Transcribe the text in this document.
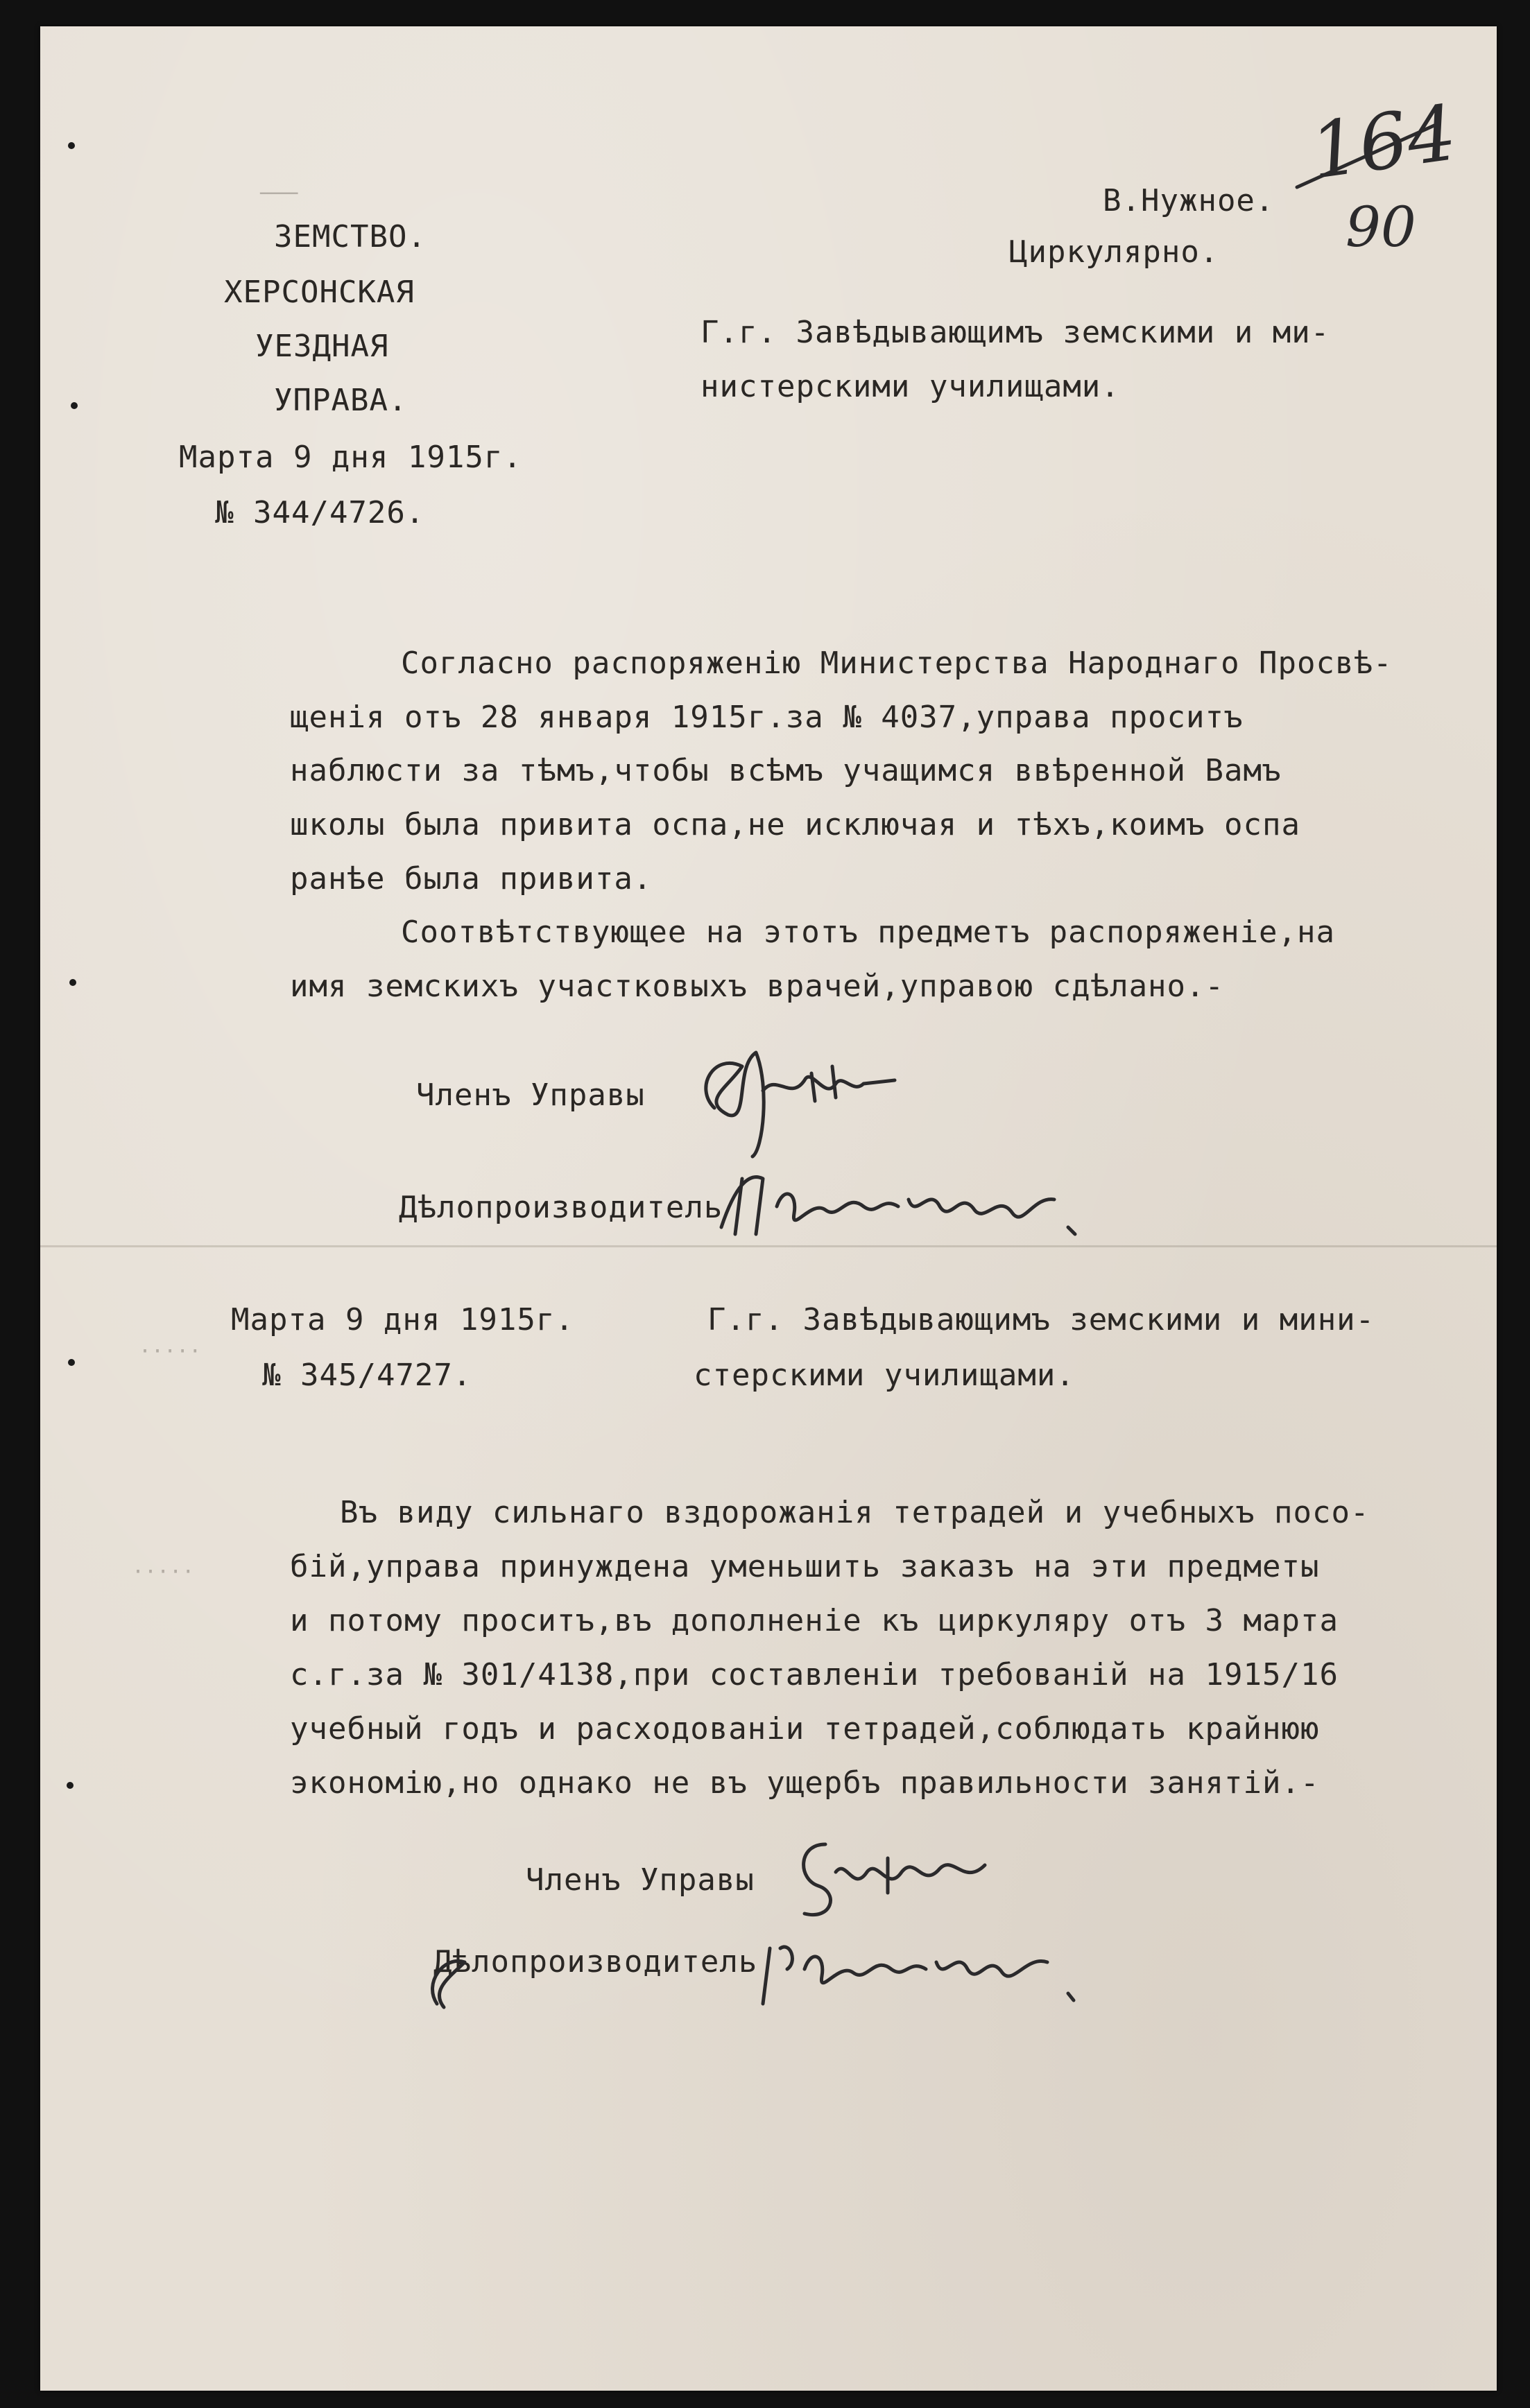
164
90
ЗЕМСТВО.
ХЕРСОНСКАЯ
УЕЗДНАЯ
УПРАВА.
───	В.Нужное.
Циркулярно.
Марта 9 дня 1915г.
№ 344/4726.
Г.г. Завѣдывающимъ земскими и ми-
нистерскими училищами.
Согласно распоряженію Министерства Народнаго Просвѣ-
щенія отъ 28 января 1915г.за № 4037,управа проситъ
наблюсти за тѣмъ,чтобы всѣмъ учащимся ввѣренной Вамъ
школы была привита оспа,не исключая и тѣхъ,коимъ оспа
ранѣе была привита.
Соотвѣтствующее на этотъ предметъ распоряженіе,на
имя земскихъ участковыхъ врачей,управою сдѣлано.-
Членъ Управы
Дѣлопроизводитель
Марта 9 дня 1915г.
№ 345/4727.
Г.г. Завѣдывающимъ земскими и мини-
стерскими училищами.
·····
·····
Въ виду сильнаго вздорожанія тетрадей и учебныхъ посо-
бій,управа принуждена уменьшить заказъ на эти предметы
и потому проситъ,въ дополненіе къ циркуляру отъ 3 марта
с.г.за № 301/4138,при составленіи требованій на 1915/16
учебный годъ и расходованіи тетрадей,соблюдать крайнюю
экономію,но однако не въ ущербъ правильности занятій.-
Членъ Управы
Дѣлопроизводитель
